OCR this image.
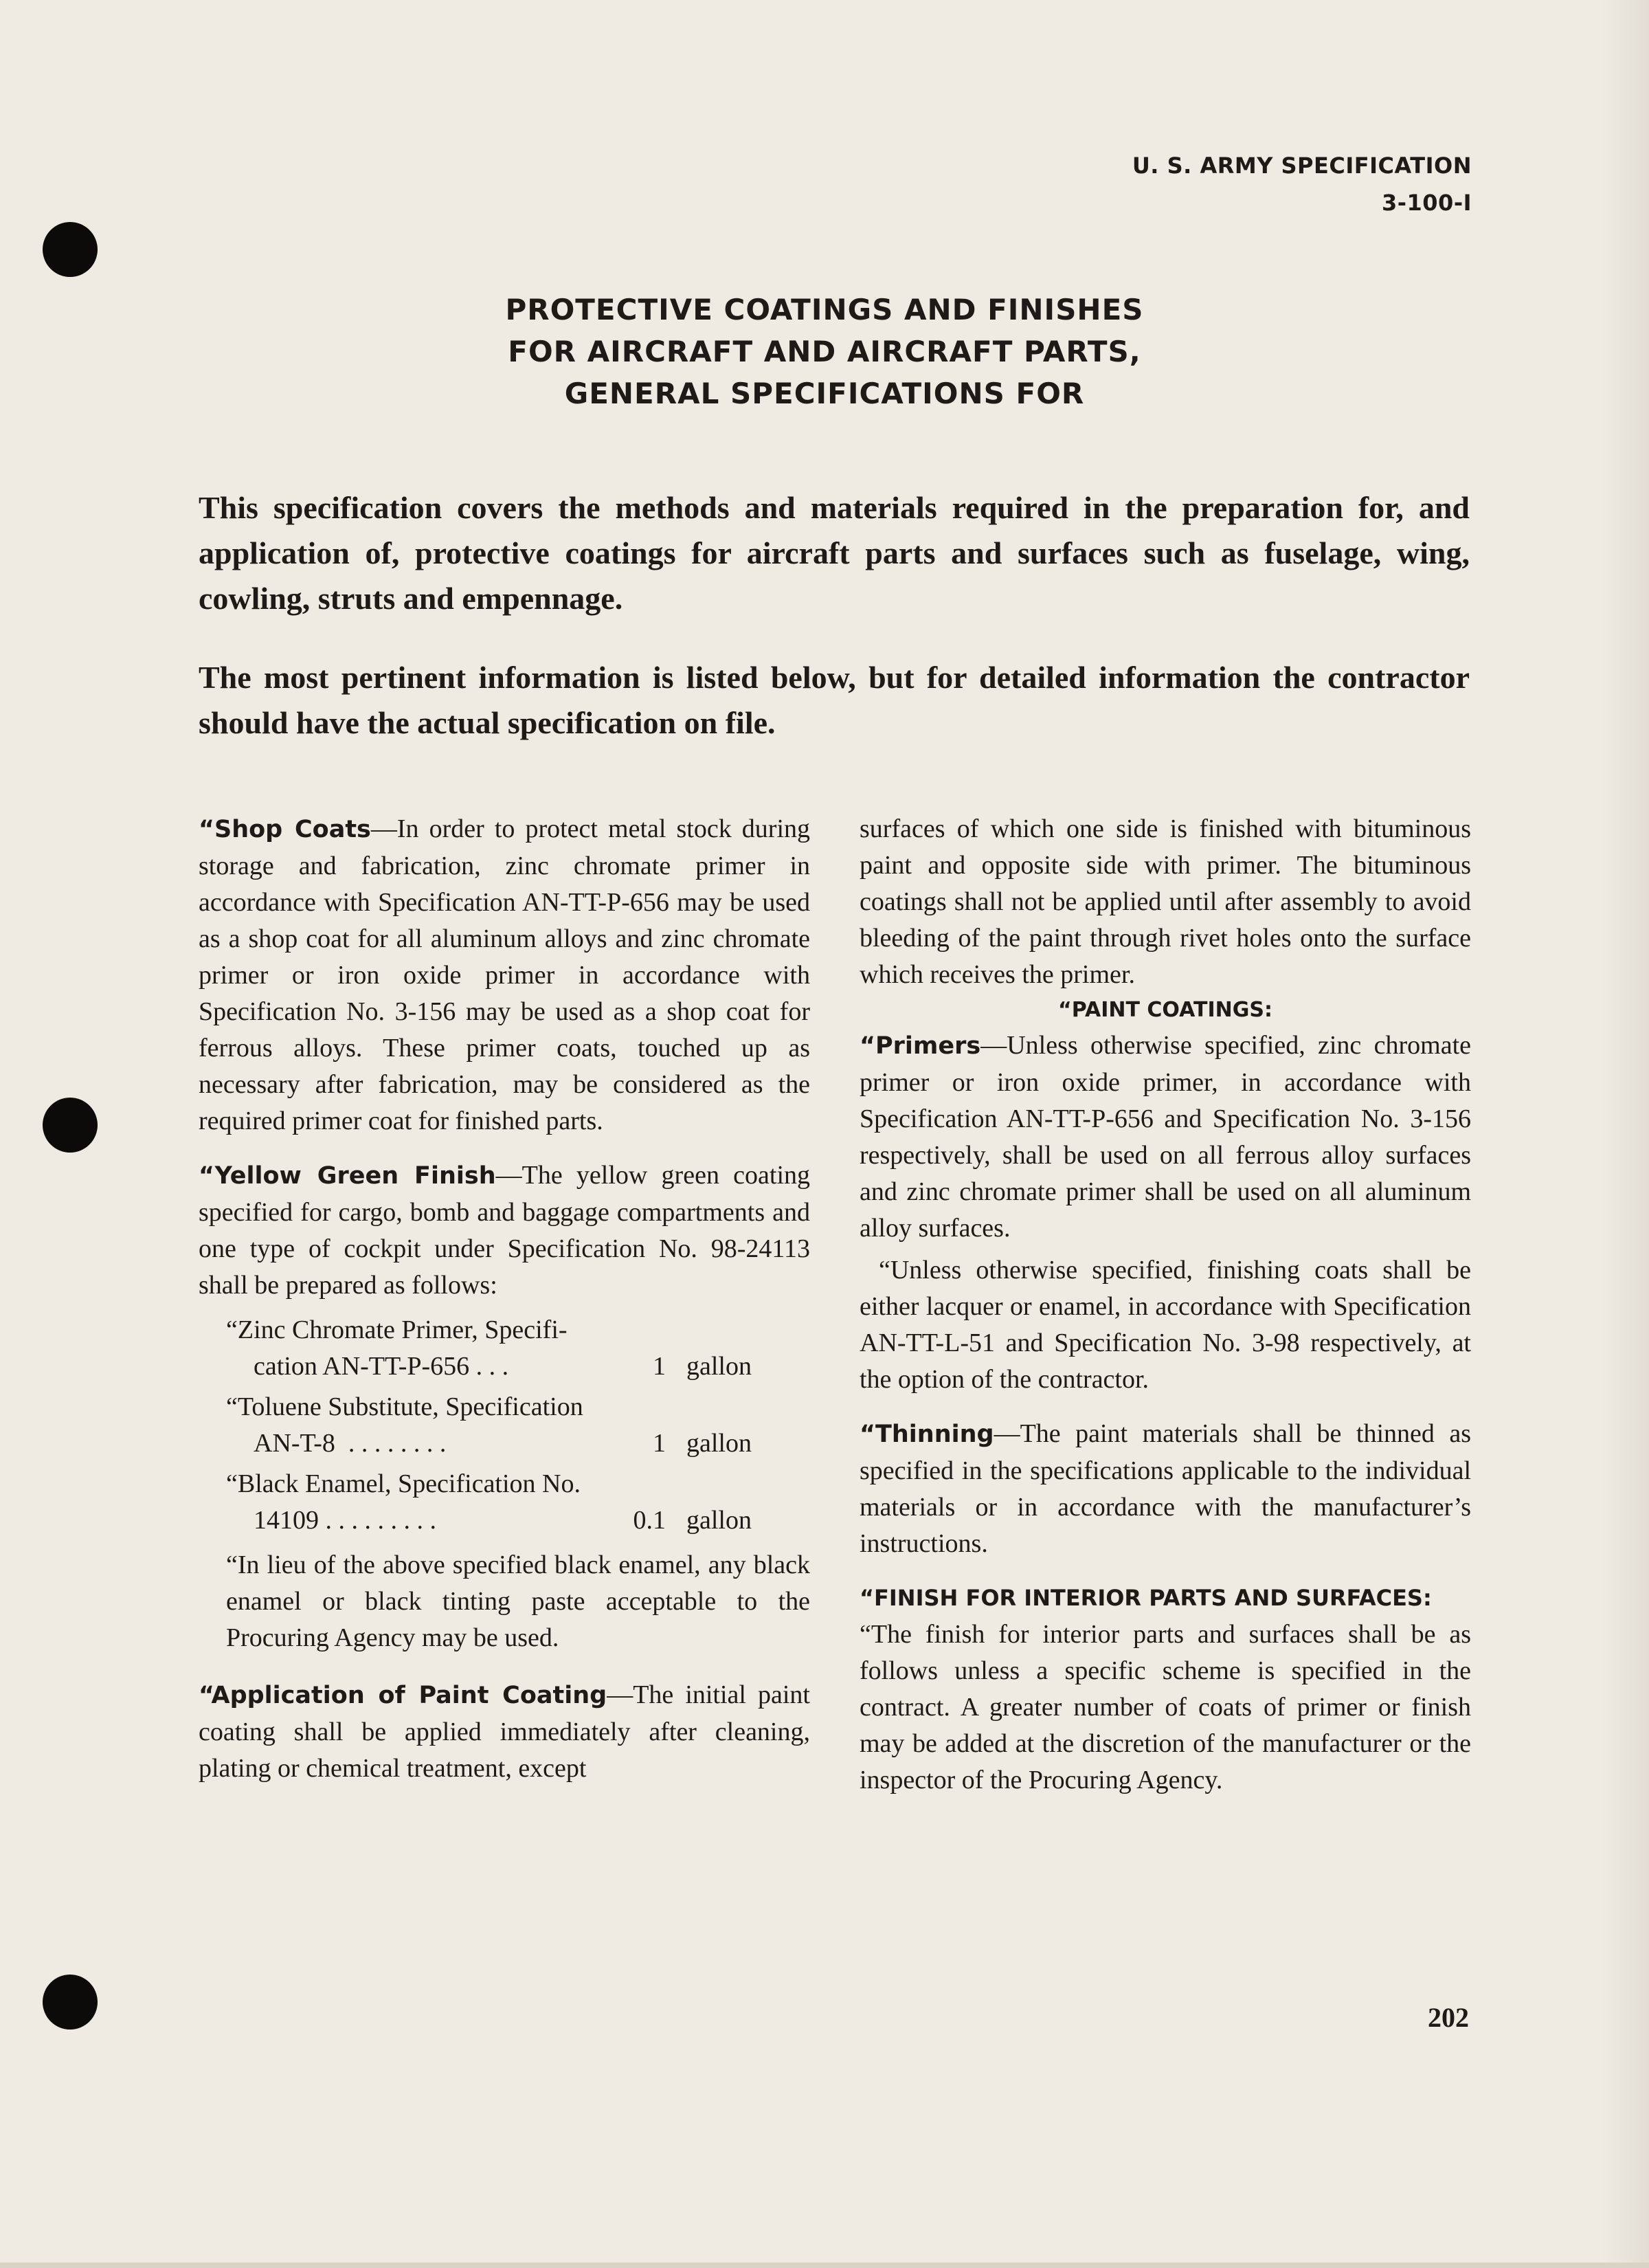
U. S. ARMY SPECIFICATION
3-100-I
PROTECTIVE COATINGS AND FINISHES
FOR AIRCRAFT AND AIRCRAFT PARTS,
GENERAL SPECIFICATIONS FOR
This specification covers the methods and materials required in the preparation for, and application of, protective coatings for aircraft parts and surfaces such as fuselage, wing, cowling, struts and empennage.
The most pertinent information is listed below, but for detailed information the contractor should have the actual specification on file.

“Shop Coats—In order to protect metal stock during storage and fabrication, zinc chromate primer in accordance with Specification AN-TT-P-656 may be used as a shop coat for all aluminum alloys and zinc chromate primer or iron oxide primer in accordance with Specification No. 3-156 may be used as a shop coat for ferrous alloys. These primer coats, touched up as necessary after fabrication, may be considered as the required primer coat for finished parts.

“Yellow Green Finish—The yellow green coating specified for cargo, bomb and baggage compartments and one type of cockpit under Specification No. 98-24113 shall be prepared as follows:

“Zinc Chromate Primer, Specifi-
cation AN-TT-P-656 . . .	1 gallon
“Toluene Substitute, Specification
AN-T-8  . . . . . . . .	1 gallon
“Black Enamel, Specification No.
14109 . . . . . . . . .	0.1 gallon

“In lieu of the above specified black enamel, any black enamel or black tinting paste acceptable to the Procuring Agency may be used.

“Application of Paint Coating—The initial paint coating shall be applied immediately after cleaning, plating or chemical treatment, except

surfaces of which one side is finished with bituminous paint and opposite side with primer. The bituminous coatings shall not be applied until after assembly to avoid bleeding of the paint through rivet holes onto the surface which receives the primer.

“PAINT COATINGS:

“Primers—Unless otherwise specified, zinc chromate primer or iron oxide primer, in accordance with Specification AN-TT-P-656 and Specification No. 3-156 respectively, shall be used on all ferrous alloy surfaces and zinc chromate primer shall be used on all aluminum alloy surfaces.

“Unless otherwise specified, finishing coats shall be either lacquer or enamel, in accordance with Specification AN-TT-L-51 and Specification No. 3-98 respectively, at the option of the contractor.

“Thinning—The paint materials shall be thinned as specified in the specifications applicable to the individual materials or in accordance with the manufacturer’s instructions.

“FINISH FOR INTERIOR PARTS AND SURFACES:

“The finish for interior parts and surfaces shall be as follows unless a specific scheme is specified in the contract. A greater number of coats of primer or finish may be added at the discretion of the manufacturer or the inspector of the Procuring Agency.

202
